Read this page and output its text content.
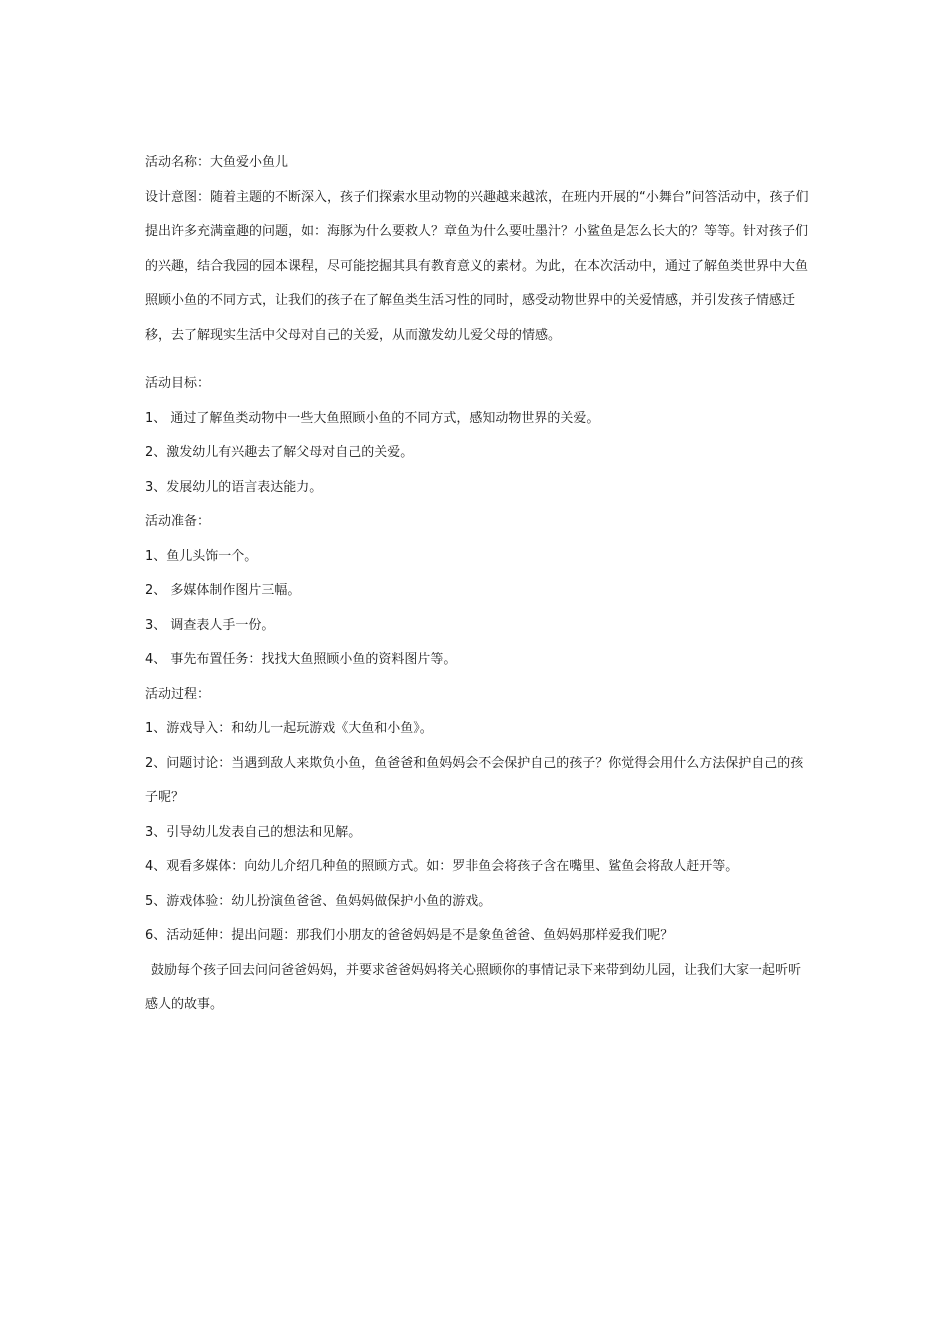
活动名称：大鱼爱小鱼儿

设计意图：随着主题的不断深入，孩子们探索水里动物的兴趣越来越浓，在班内开展的“小舞台”问答活动中，孩子们提出许多充满童趣的问题，如：海豚为什么要救人？章鱼为什么要吐墨汁？小鲨鱼是怎么长大的？等等。针对孩子们的兴趣，结合我园的园本课程，尽可能挖掘其具有教育意义的素材。为此，在本次活动中，通过了解鱼类世界中大鱼照顾小鱼的不同方式，让我们的孩子在了解鱼类生活习性的同时，感受动物世界中的关爱情感，并引发孩子情感迁移，去了解现实生活中父母对自己的关爱，从而激发幼儿爱父母的情感。

活动目标：

1、 通过了解鱼类动物中一些大鱼照顾小鱼的不同方式，感知动物世界的关爱。

2、激发幼儿有兴趣去了解父母对自己的关爱。

3、发展幼儿的语言表达能力。

活动准备：

1、鱼儿头饰一个。

2、 多媒体制作图片三幅。

3、 调查表人手一份。

4、 事先布置任务：找找大鱼照顾小鱼的资料图片等。

活动过程：

1、游戏导入：和幼儿一起玩游戏《大鱼和小鱼》。

2、问题讨论：当遇到敌人来欺负小鱼，鱼爸爸和鱼妈妈会不会保护自己的孩子？你觉得会用什么方法保护自己的孩子呢？

3、引导幼儿发表自己的想法和见解。

4、观看多媒体：向幼儿介绍几种鱼的照顾方式。如：罗非鱼会将孩子含在嘴里、鲨鱼会将敌人赶开等。

5、游戏体验：幼儿扮演鱼爸爸、鱼妈妈做保护小鱼的游戏。

6、活动延伸：提出问题：那我们小朋友的爸爸妈妈是不是象鱼爸爸、鱼妈妈那样爱我们呢？

鼓励每个孩子回去问问爸爸妈妈，并要求爸爸妈妈将关心照顾你的事情记录下来带到幼儿园，让我们大家一起听听感人的故事。
